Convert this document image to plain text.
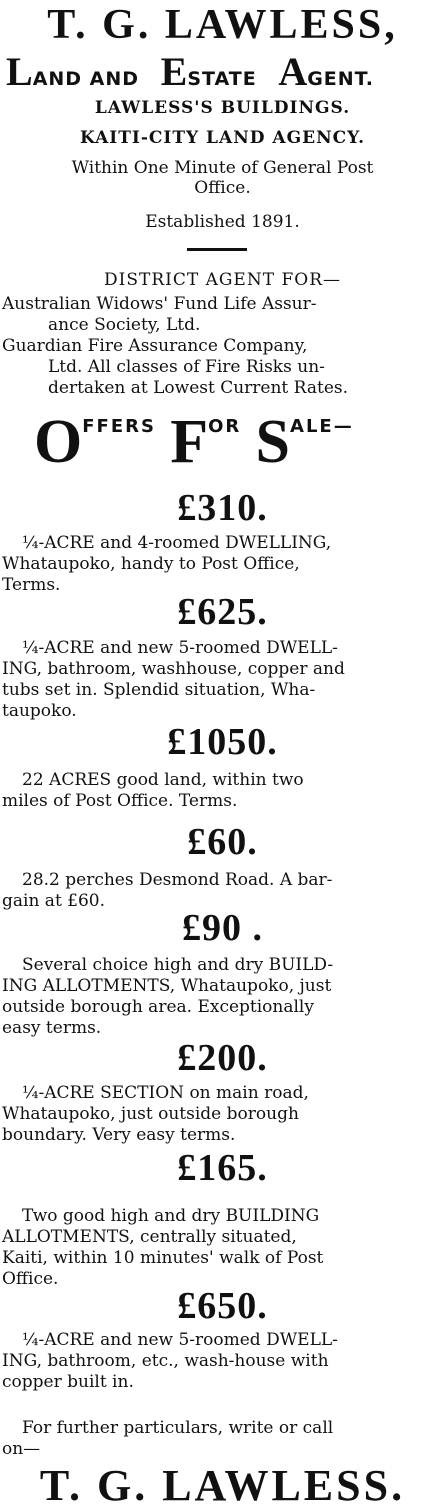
T. G. LAWLESS,
LAND AND ESTATE AGENT.
LAWLESS'S BUILDINGS.
KAITI-CITY LAND AGENCY.
Within One Minute of General Post
Office.
Established 1891.
DISTRICT AGENT FOR—
Australian Widows' Fund Life Assur-
ance Society, Ltd.
Guardian Fire Assurance Company,
Ltd. All classes of Fire Risks un-
dertaken at Lowest Current Rates.
OFFERS FOR SALE—
£310.
¼-ACRE and 4-roomed DWELLING,
Whataupoko, handy to Post Office,
Terms.
£625.
¼-ACRE and new 5-roomed DWELL-
ING, bathroom, washhouse, copper and
tubs set in. Splendid situation, Wha-
taupoko.
£1050.
22 ACRES good land, within two
miles of Post Office. Terms.
£60.
28.2 perches Desmond Road. A bar-
gain at £60.
£90 .
Several choice high and dry BUILD-
ING ALLOTMENTS, Whataupoko, just
outside borough area. Exceptionally
easy terms.
£200.
¼-ACRE SECTION on main road,
Whataupoko, just outside borough
boundary. Very easy terms.
£165.
Two good high and dry BUILDING
ALLOTMENTS, centrally situated,
Kaiti, within 10 minutes' walk of Post
Office.
£650.
¼-ACRE and new 5-roomed DWELL-
ING, bathroom, etc., wash-house with
copper built in.
For further particulars, write or call
on—
T. G. LAWLESS.
